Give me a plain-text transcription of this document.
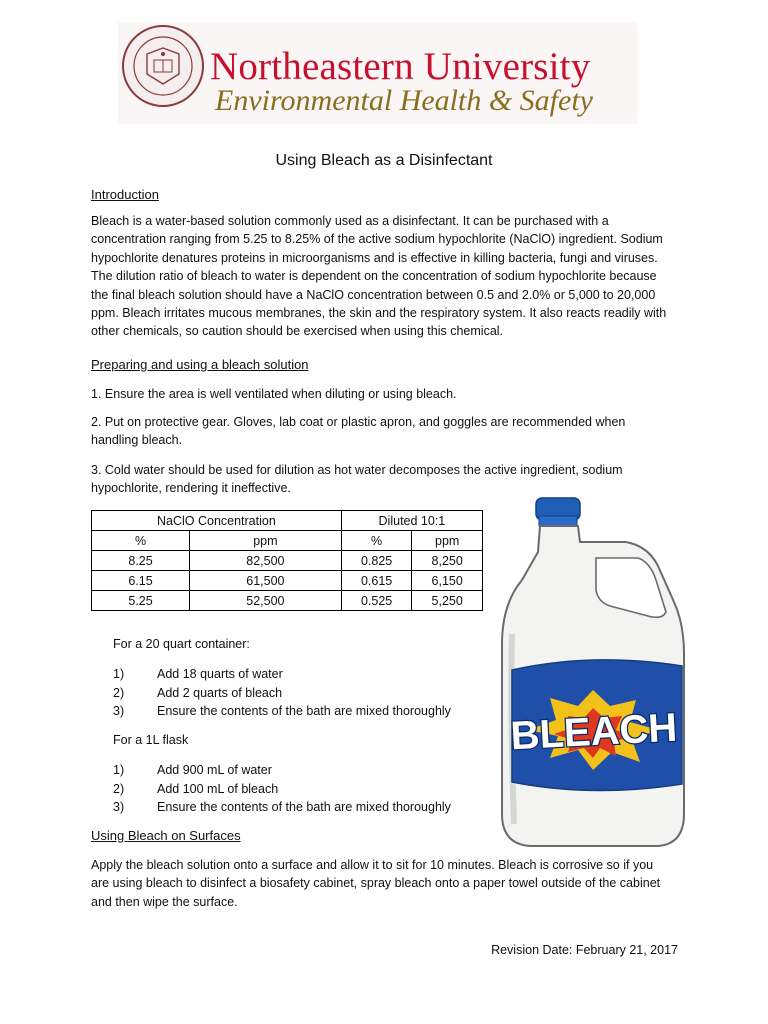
Northeastern University
Environmental Health & Safety
Using Bleach as a Disinfectant
Introduction

Bleach is a water-based solution commonly used as a disinfectant. It can be purchased with a

concentration ranging from 5.25 to 8.25% of the active sodium hypochlorite (NaClO) ingredient. Sodium

hypochlorite denatures proteins in microorganisms and is effective in killing bacteria, fungi and viruses.

The dilution ratio of bleach to water is dependent on the concentration of sodium hypochlorite because

the final bleach solution should have a NaClO concentration between 0.5 and 2.0% or 5,000 to 20,000

ppm. Bleach irritates mucous membranes, the skin and the respiratory system. It also reacts readily with

other chemicals, so caution should be exercised when using this chemical.

Preparing and using a bleach solution

1. Ensure the area is well ventilated when diluting or using bleach.

2. Put on protective gear. Gloves, lab coat or plastic apron, and goggles are recommended when

handling bleach.

3. Cold water should be used for dilution as hot water decomposes the active ingredient, sodium

hypochlorite, rendering it ineffective.

NaClO Concentration		Diluted 10:1	
%	ppm	%	ppm
8.25	82,500	0.825	8,250
6.15	61,500	0.615	6,150
5.25	52,500	0.525	5,250
For a 20 quart container:
1)	Add 18 quarts of water
2)	Add 2 quarts of bleach
3)	Ensure the contents of the bath are mixed thoroughly
For a 1L flask
1)	Add 900 mL of water
2)	Add 100 mL of bleach
3)	Ensure the contents of the bath are mixed thoroughly
Using Bleach on Surfaces

Apply the bleach solution onto a surface and allow it to sit for 10 minutes. Bleach is corrosive so if you

are using bleach to disinfect a biosafety cabinet, spray bleach onto a paper towel outside of the cabinet

and then wipe the surface.

Revision Date: February 21, 2017
BLEACH
